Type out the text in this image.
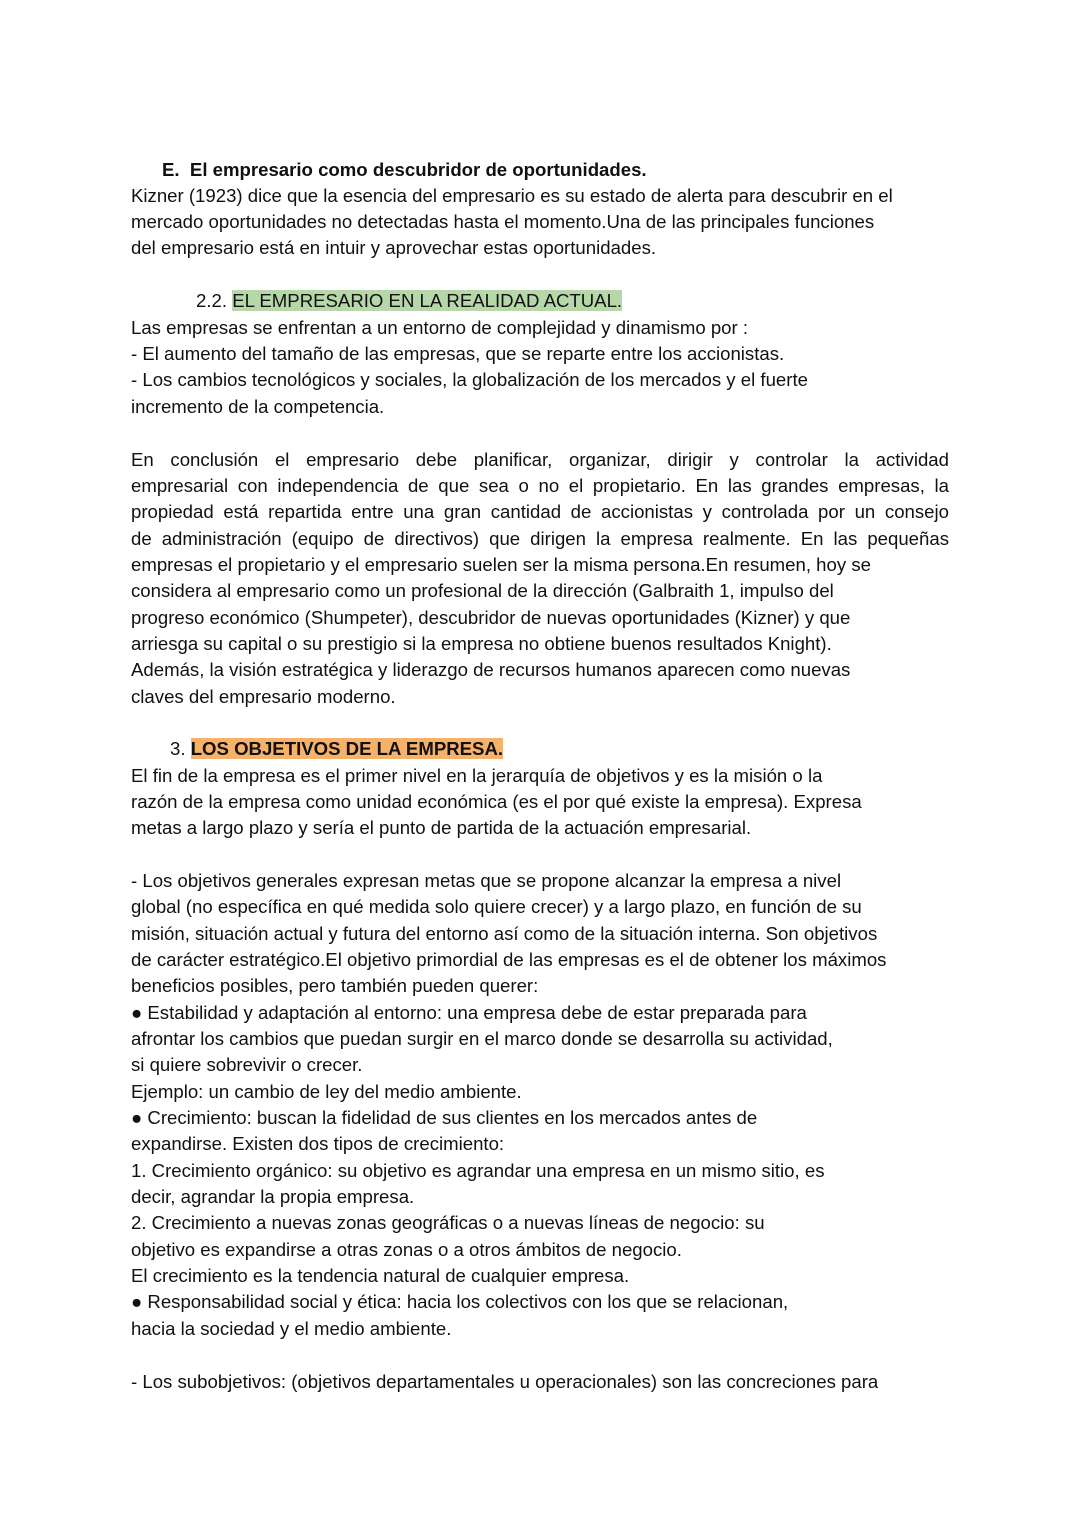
E. El empresario como descubridor de oportunidades.
Kizner (1923) dice que la esencia del empresario es su estado de alerta para descubrir en el
mercado oportunidades no detectadas hasta el momento.Una de las principales funciones
del empresario está en intuir y aprovechar estas oportunidades.
2.2. EL EMPRESARIO EN LA REALIDAD ACTUAL.
Las empresas se enfrentan a un entorno de complejidad y dinamismo por :
- El aumento del tamaño de las empresas, que se reparte entre los accionistas.
- Los cambios tecnológicos y sociales, la globalización de los mercados y el fuerte
incremento de la competencia.
En conclusión el empresario debe planificar, organizar, dirigir y controlar la actividad
empresarial con independencia de que sea o no el propietario. En las grandes empresas, la
propiedad está repartida entre una gran cantidad de accionistas y controlada por un consejo
de administración (equipo de directivos) que dirigen la empresa realmente. En las pequeñas
empresas el propietario y el empresario suelen ser la misma persona.En resumen, hoy se
considera al empresario como un profesional de la dirección (Galbraith 1, impulso del
progreso económico (Shumpeter), descubridor de nuevas oportunidades (Kizner) y que
arriesga su capital o su prestigio si la empresa no obtiene buenos resultados Knight).
Además, la visión estratégica y liderazgo de recursos humanos aparecen como nuevas
claves del empresario moderno.
3. LOS OBJETIVOS DE LA EMPRESA.
El fin de la empresa es el primer nivel en la jerarquía de objetivos y es la misión o la
razón de la empresa como unidad económica (es el por qué existe la empresa). Expresa
metas a largo plazo y sería el punto de partida de la actuación empresarial.
- Los objetivos generales expresan metas que se propone alcanzar la empresa a nivel
global (no específica en qué medida solo quiere crecer) y a largo plazo, en función de su
misión, situación actual y futura del entorno así como de la situación interna. Son objetivos
de carácter estratégico.El objetivo primordial de las empresas es el de obtener los máximos
beneficios posibles, pero también pueden querer:
● Estabilidad y adaptación al entorno: una empresa debe de estar preparada para
afrontar los cambios que puedan surgir en el marco donde se desarrolla su actividad,
si quiere sobrevivir o crecer.
Ejemplo: un cambio de ley del medio ambiente.
● Crecimiento: buscan la fidelidad de sus clientes en los mercados antes de
expandirse. Existen dos tipos de crecimiento:
1. Crecimiento orgánico: su objetivo es agrandar una empresa en un mismo sitio, es
decir, agrandar la propia empresa.
2. Crecimiento a nuevas zonas geográficas o a nuevas líneas de negocio: su
objetivo es expandirse a otras zonas o a otros ámbitos de negocio.
El crecimiento es la tendencia natural de cualquier empresa.
● Responsabilidad social y ética: hacia los colectivos con los que se relacionan,
hacia la sociedad y el medio ambiente.
- Los subobjetivos: (objetivos departamentales u operacionales) son las concreciones para
